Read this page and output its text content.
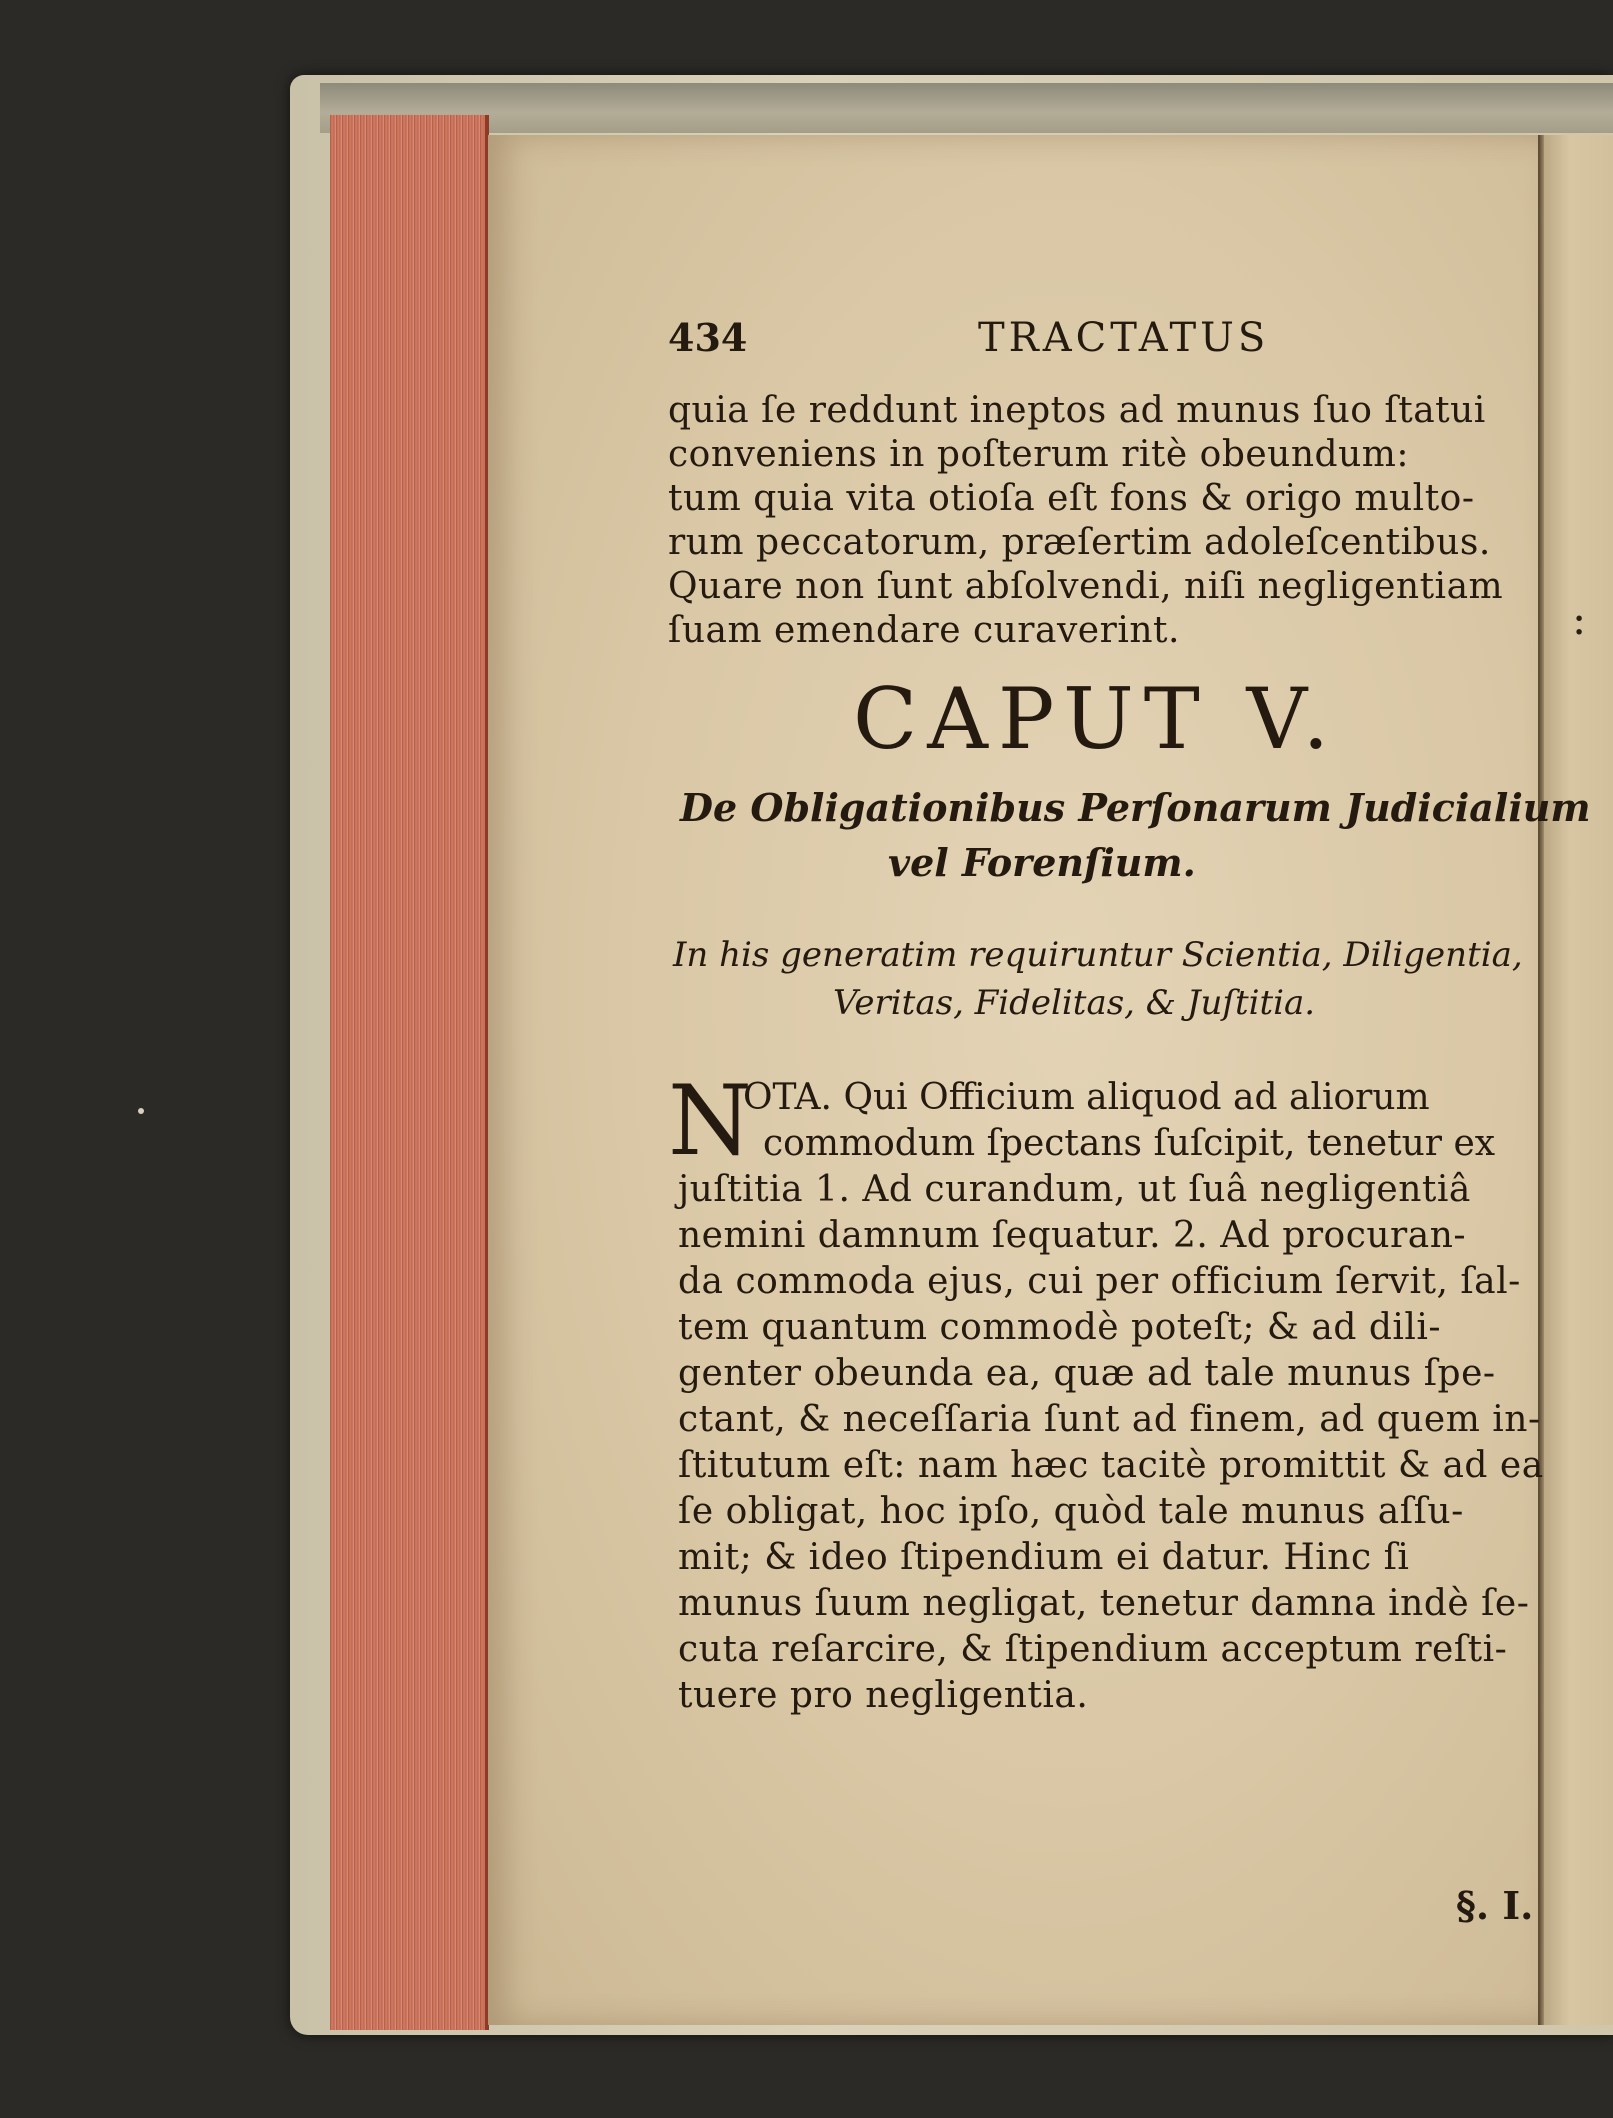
:
434	TRACTATUS
quia ſe reddunt ineptos ad munus ſuo ſtatui
conveniens in poſterum ritè obeundum:
tum quia vita otioſa eſt fons & origo multo-
rum peccatorum, præſertim adoleſcentibus.
Quare non ſunt abſolvendi, niſi negligentiam
ſuam emendare curaverint.
CAPUT V.
De Obligationibus Perſonarum Judicialium
vel Forenſium.
In his generatim requiruntur Scientia, Diligentia,
Veritas, Fidelitas, & Juſtitia.
N
OTA. Qui Officium aliquod ad aliorum
commodum ſpectans ſuſcipit, tenetur ex
juſtitia 1. Ad curandum, ut ſuâ negligentiâ
nemini damnum ſequatur. 2. Ad procuran-
da commoda ejus, cui per officium ſervit, ſal-
tem quantum commodè poteſt; & ad dili-
genter obeunda ea, quæ ad tale munus ſpe-
ctant, & neceſſaria ſunt ad finem, ad quem in-
ſtitutum eſt: nam hæc tacitè promittit & ad ea
ſe obligat, hoc ipſo, quòd tale munus aſſu-
mit; & ideo ſtipendium ei datur. Hinc ſi
munus ſuum negligat, tenetur damna indè ſe-
cuta reſarcire, & ſtipendium acceptum reſti-
tuere pro negligentia.
§. I.
